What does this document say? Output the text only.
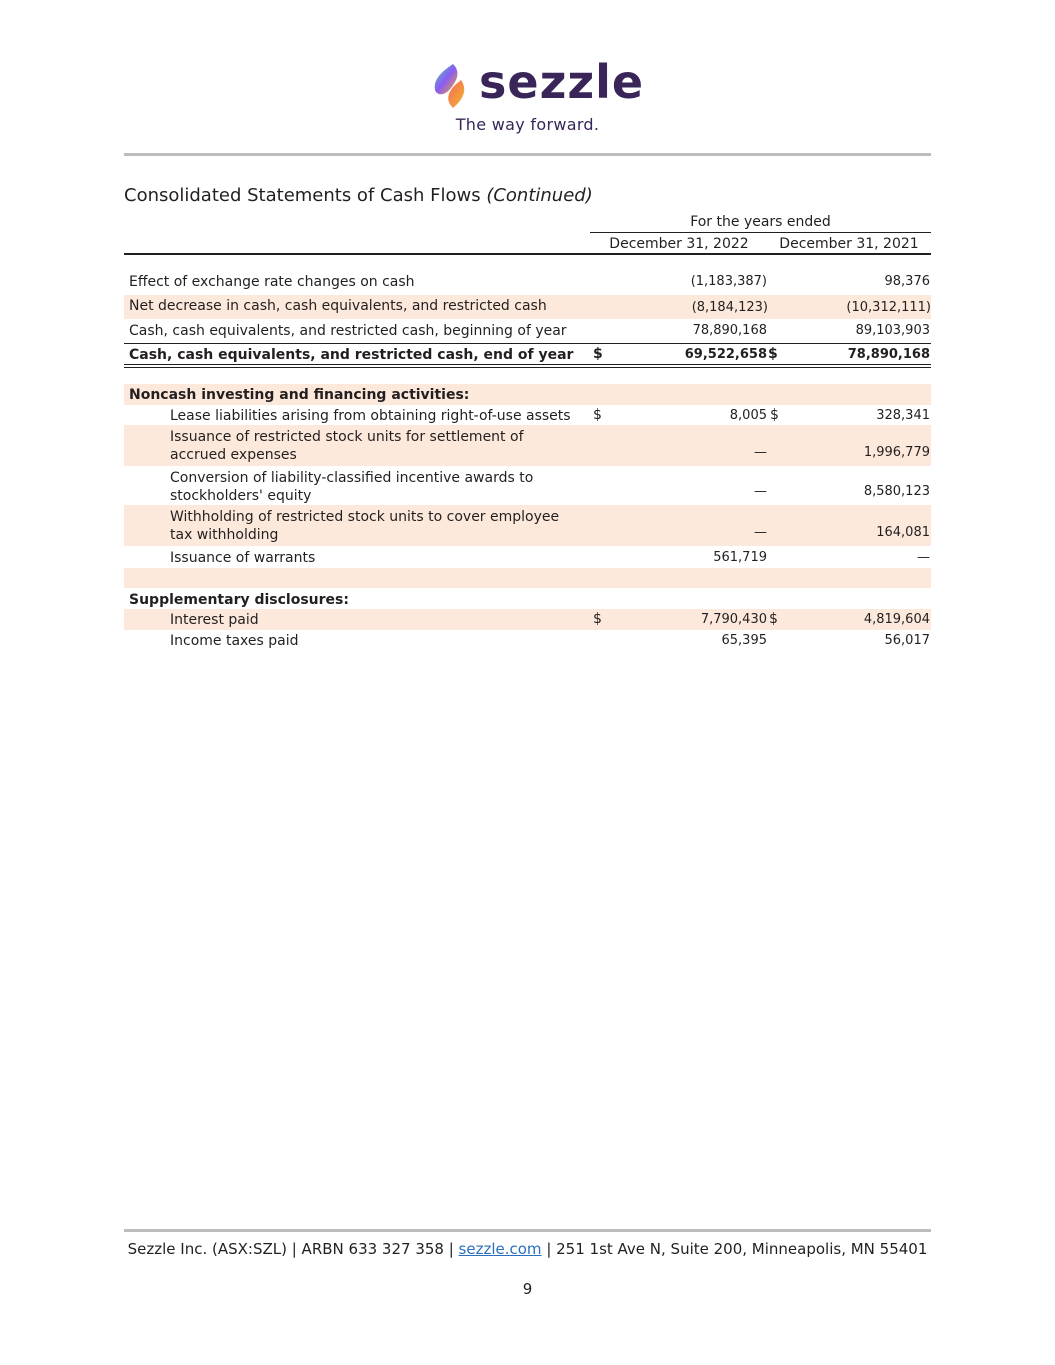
sezzle
The way forward.
Consolidated Statements of Cash Flows (Continued)
For the years ended
December 31, 2022	December 31, 2021
Effect of exchange rate changes on cash	(1,183,387)	98,376
Net decrease in cash, cash equivalents, and restricted cash	(8,184,123)	(10,312,111)
Cash, cash equivalents, and restricted cash, beginning of year	78,890,168	89,103,903
Cash, cash equivalents, and restricted cash, end of year $	69,522,658 $	78,890,168
Noncash investing and financing activities:
Lease liabilities arising from obtaining right-of-use assets $	8,005 $	328,341
Issuance of restricted stock units for settlement of
accrued expenses	—	1,996,779
Conversion of liability-classified incentive awards to
stockholders' equity	—	8,580,123
Withholding of restricted stock units to cover employee
tax withholding	—	164,081
Issuance of warrants	561,719	—
Supplementary disclosures:
Interest paid	$	7,790,430 $	4,819,604
Income taxes paid	65,395	56,017
Sezzle Inc. (ASX:SZL) | ARBN 633 327 358 | sezzle.com | 251 1st Ave N, Suite 200, Minneapolis, MN 55401
9
